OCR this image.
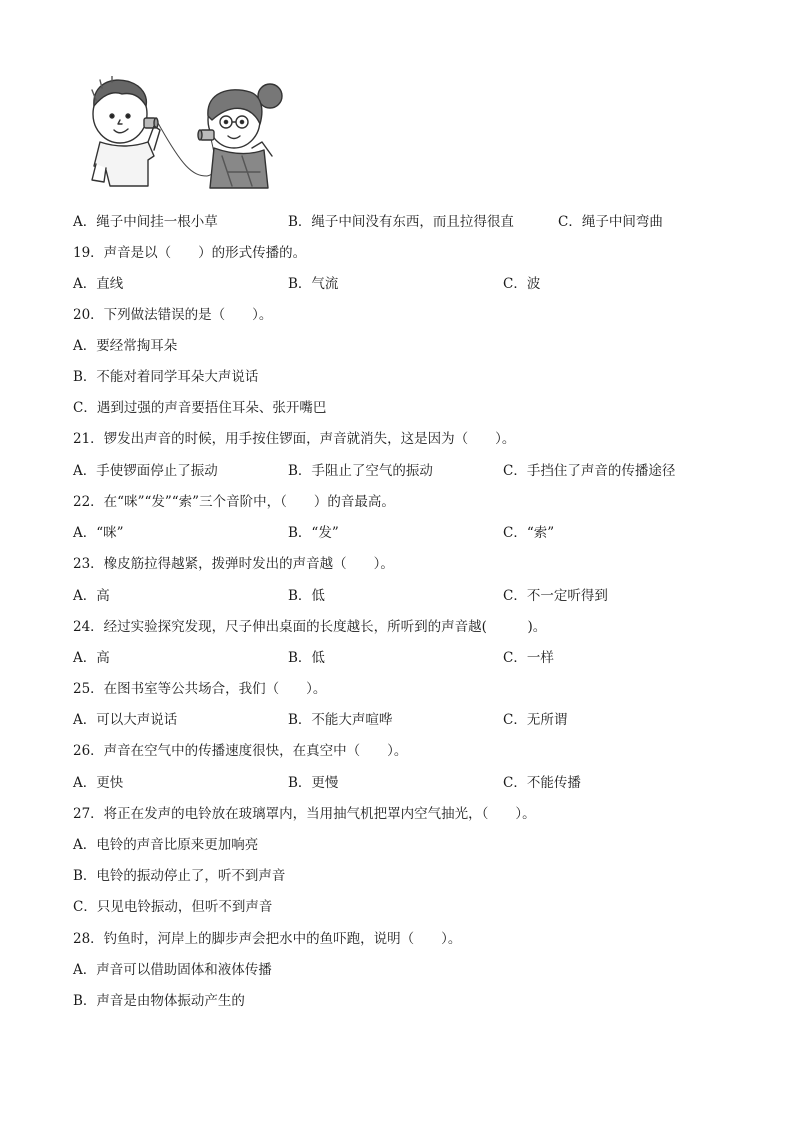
A．绳子中间挂一根小草	B．绳子中间没有东西，而且拉得很直	C．绳子中间弯曲
19．声音是以（　　）的形式传播的。
A．直线	B．气流	C．波
20．下列做法错误的是（　　）。
A．要经常掏耳朵
B．不能对着同学耳朵大声说话
C．遇到过强的声音要捂住耳朵、张开嘴巴
21．锣发出声音的时候，用手按住锣面，声音就消失，这是因为（　　）。
A．手使锣面停止了振动	B．手阻止了空气的振动	C．手挡住了声音的传播途径
22．在“咪”“发”“索”三个音阶中，（　　）的音最高。
A．“咪”	B．“发”	C．“索”
23．橡皮筋拉得越紧，拨弹时发出的声音越（　　）。
A．高	B．低	C．不一定听得到
24．经过实验探究发现，尺子伸出桌面的长度越长，所听到的声音越(　　　)。
A．高	B．低	C．一样
25．在图书室等公共场合，我们（　　）。
A．可以大声说话	B．不能大声喧哗	C．无所谓
26．声音在空气中的传播速度很快，在真空中（　　）。
A．更快	B．更慢	C．不能传播
27．将正在发声的电铃放在玻璃罩内，当用抽气机把罩内空气抽光，（　　）。
A．电铃的声音比原来更加响亮
B．电铃的振动停止了，听不到声音
C．只见电铃振动，但听不到声音
28．钓鱼时，河岸上的脚步声会把水中的鱼吓跑，说明（　　）。
A．声音可以借助固体和液体传播
B．声音是由物体振动产生的
